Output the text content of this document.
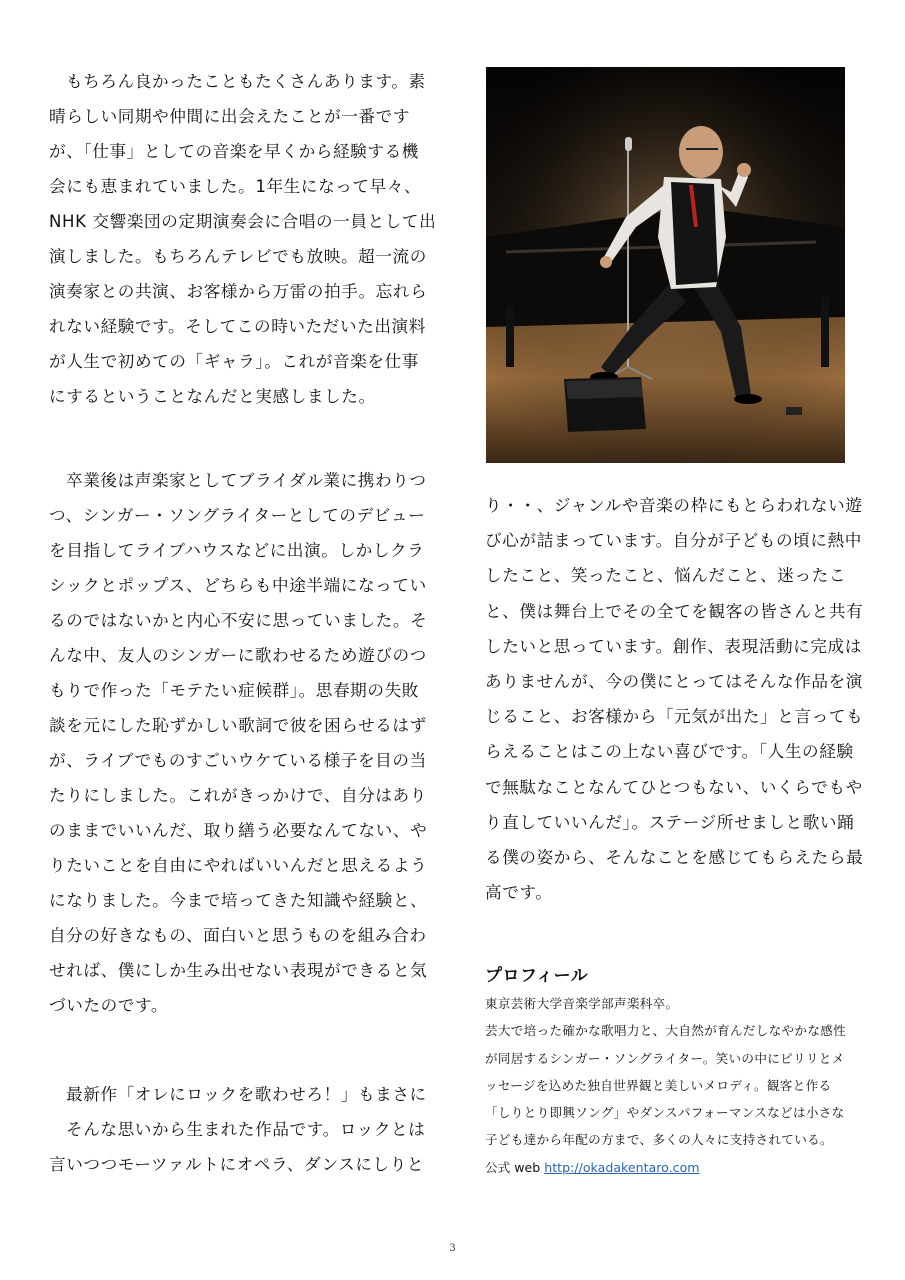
もちろん良かったこともたくさんあります。素
晴らしい同期や仲間に出会えたことが一番です
が、「仕事」としての音楽を早くから経験する機
会にも恵まれていました。1年生になって早々、
NHK 交響楽団の定期演奏会に合唱の一員として出
演しました。もちろんテレビでも放映。超一流の
演奏家との共演、お客様から万雷の拍手。忘れら
れない経験です。そしてこの時いただいた出演料
が人生で初めての「ギャラ」。これが音楽を仕事
にするということなんだと実感しました。
卒業後は声楽家としてブライダル業に携わりつ
つ、シンガー・ソングライターとしてのデビュー
を目指してライブハウスなどに出演。しかしクラ
シックとポップス、どちらも中途半端になってい
るのではないかと内心不安に思っていました。そ
んな中、友人のシンガーに歌わせるため遊びのつ
もりで作った「モテたい症候群」。思春期の失敗
談を元にした恥ずかしい歌詞で彼を困らせるはず
が、ライブでものすごいウケている様子を目の当
たりにしました。これがきっかけで、自分はあり
のままでいいんだ、取り繕う必要なんてない、や
りたいことを自由にやればいいんだと思えるよう
になりました。今まで培ってきた知識や経験と、
自分の好きなもの、面白いと思うものを組み合わ
せれば、僕にしか生み出せない表現ができると気
づいたのです。
最新作「オレにロックを歌わせろ！」もまさに
そんな思いから生まれた作品です。ロックとは
言いつつモーツァルトにオペラ、ダンスにしりと
り・・、ジャンルや音楽の枠にもとらわれない遊
び心が詰まっています。自分が子どもの頃に熱中
したこと、笑ったこと、悩んだこと、迷ったこ
と、僕は舞台上でその全てを観客の皆さんと共有
したいと思っています。創作、表現活動に完成は
ありませんが、今の僕にとってはそんな作品を演
じること、お客様から「元気が出た」と言っても
らえることはこの上ない喜びです。「人生の経験
で無駄なことなんてひとつもない、いくらでもや
り直していいんだ」。ステージ所せましと歌い踊
る僕の姿から、そんなことを感じてもらえたら最
高です。
プロフィール
東京芸術大学音楽学部声楽科卒。
芸大で培った確かな歌唱力と、大自然が育んだしなやかな感性
が同居するシンガー・ソングライター。笑いの中にピリリとメ
ッセージを込めた独自世界観と美しいメロディ。観客と作る
「しりとり即興ソング」やダンスパフォーマンスなどは小さな
子ども達から年配の方まで、多くの人々に支持されている。
公式 web http://okadakentaro.com
3
